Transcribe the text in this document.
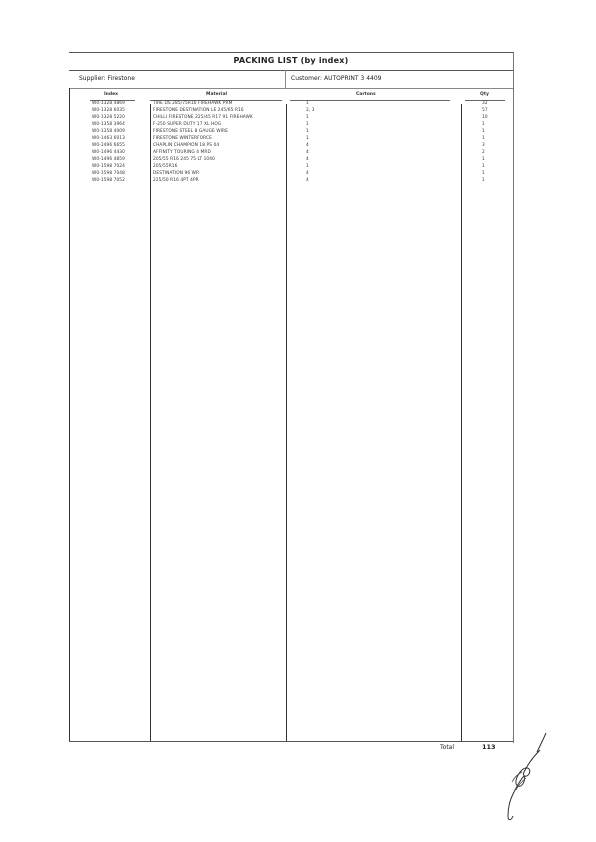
PACKING LIST (by index)
Supplier: Firestone	Customer: AUTOPRINT 3 4409
Index	Material	Cartons	Qty
W0-1328 4869	TIRE DS 285/75R16 FIREHAWK PRM	1	32
W0-1328 6035	FIRESTONE DESTINATION LE 245/65 R16	2, 3	57
W0-1328 5220	CHILLI FIRESTONE 225/45 R17 91 FIREHAWK	1	10
W0-1358 3964	F-250 SUPER DUTY 17 XL HOG	1	1
W0-1358 4009	FIRESTONE STEEL 8 GAUGE WIRE	1	1
W0-1463 6013	FIRESTONE WINTERFORCE	1	1
W0-1496 6655	CHAPLIN CHAMPION 18 PS 04	4	3
W0-1496 4430	AFFINITY TOURING 4 MRD	4	2
W0-1496 4859	205/55 R16 245 75 LT 1040	4	1
W0-1598 7024	205/55R16	1	1
W0-1598 7048	DESTINATION 96 WR	4	1
W0-1598 7052	225/50 R16 4PT 4PR	4	1
Total	113
